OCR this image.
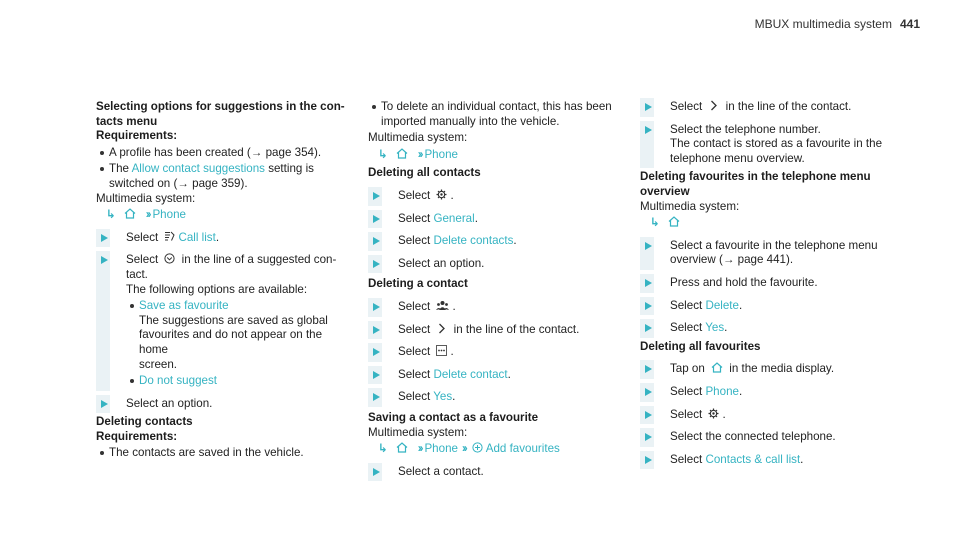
MBUX multimedia system 441

Selecting options for suggestions in the con-
tacts menu

Requirements:

A profile has been created (→ page 354).
The Allow contact suggestions setting is
switched on (→ page 359).

Multimedia system:

↳	›› Phone
Select Call list.
Select  in the line of a suggested con-
tact.
The following options are available:
Save as favourite
The suggestions are saved as global
favourites and do not appear on the home
screen.
Do not suggest
Select an option.

Deleting contacts

Requirements:

The contacts are saved in the vehicle.
To delete an individual contact, this has been
imported manually into the vehicle.

Multimedia system:

↳	›› Phone

Deleting all contacts

Select .
Select General.
Select Delete contacts.
Select an option.

Deleting a contact

Select .
Select  in the line of the contact.
Select .
Select Delete contact.
Select Yes.

Saving a contact as a favourite

Multimedia system:

↳	›› Phone ›› Add favourites
Select a contact.
Select  in the line of the contact.
Select the telephone number.
The contact is stored as a favourite in the
telephone menu overview.

Deleting favourites in the telephone menu
overview

Multimedia system:

↳
Select a favourite in the telephone menu
overview (→ page 441).
Press and hold the favourite.
Select Delete.
Select Yes.

Deleting all favourites

Tap on  in the media display.
Select Phone.
Select .
Select the connected telephone.
Select Contacts & call list.
